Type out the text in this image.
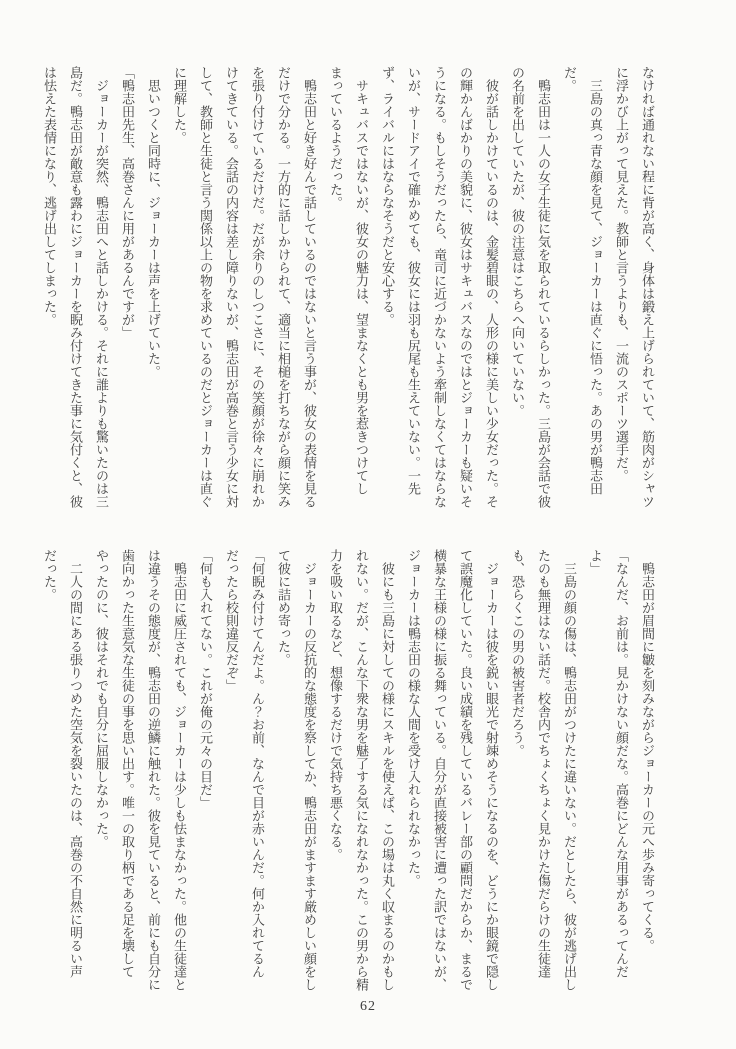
なければ通れない程に背が高く、身体は鍛え上げられていて、筋肉がシャツに浮かび上がって見えた。教師と言うよりも、一流のスポーツ選手だ。

三島の真っ青な顔を見て、ジョーカーは直ぐに悟った。あの男が鴨志田だ。

鴨志田は一人の女子生徒に気を取られているらしかった。三島が会話で彼の名前を出していたが、彼の注意はこちらへ向いていない。

彼が話しかけているのは、金髪碧眼の、人形の様に美しい少女だった。その輝かんばかりの美貌に、彼女はサキュバスなのではとジョーカーも疑いそうになる。もしそうだったら、竜司に近づかないよう牽制しなくてはならないが、サードアイで確かめても、彼女には羽も尻尾も生えていない。一先ず、ライバルにはならなそうだと安心する。

サキュバスではないが、彼女の魅力は、望まなくとも男を惹きつけてしまっているようだった。

鴨志田と好き好んで話しているのではないと言う事が、彼女の表情を見るだけで分かる。一方的に話しかけられて、適当に相槌を打ちながら顔に笑みを張り付けているだけだ。だが余りのしつこさに、その笑顔が徐々に崩れかけてきている。会話の内容は差し障りないが、鴨志田が高巻と言う少女に対して、教師と生徒と言う関係以上の物を求めているのだとジョーカーは直ぐに理解した。

思いつくと同時に、ジョーカーは声を上げていた。

「鴨志田先生、高巻さんに用があるんですが」

ジョーカーが突然、鴨志田へと話しかける。それに誰よりも驚いたのは三島だ。鴨志田が敵意も露わにジョーカーを睨み付けてきた事に気付くと、彼は怯えた表情になり、逃げ出してしまった。

鴨志田が眉間に皺を刻みながらジョーカーの元へ歩み寄ってくる。

「なんだ、お前は。見かけない顔だな。高巻にどんな用事があるってんだよ」

三島の顔の傷は、鴨志田がつけたに違いない。だとしたら、彼が逃げ出したのも無理はない話だ。校舎内でちょくちょく見かけた傷だらけの生徒達も、恐らくこの男の被害者だろう。

ジョーカーは彼を鋭い眼光で射竦めそうになるのを、どうにか眼鏡で隠して誤魔化していた。良い成績を残しているバレー部の顧問だからか、まるで横暴な王様の様に振る舞っている。自分が直接被害に遭った訳ではないが、ジョーカーは鴨志田の様な人間を受け入れられなかった。

彼にも三島に対しての様にスキルを使えば、この場は丸く収まるのかもしれない。だが、こんな下衆な男を魅了する気になれなかった。この男から精力を吸い取るなど、想像するだけで気持ち悪くなる。

ジョーカーの反抗的な態度を察してか、鴨志田がますます厳めしい顔をして彼に詰め寄った。

「何睨み付けてんだよ。ん？お前、なんで目が赤いんだ。何か入れてるんだったら校則違反だぞ」

「何も入れてない。これが俺の元々の目だ」

鴨志田に威圧されても、ジョーカーは少しも怯まなかった。他の生徒達とは違うその態度が、鴨志田の逆鱗に触れた。彼を見ていると、前にも自分に歯向かった生意気な生徒の事を思い出す。唯一の取り柄である足を壊してやったのに、彼はそれでも自分に屈服しなかった。

二人の間にある張りつめた空気を裂いたのは、高巻の不自然に明るい声だった。

62
